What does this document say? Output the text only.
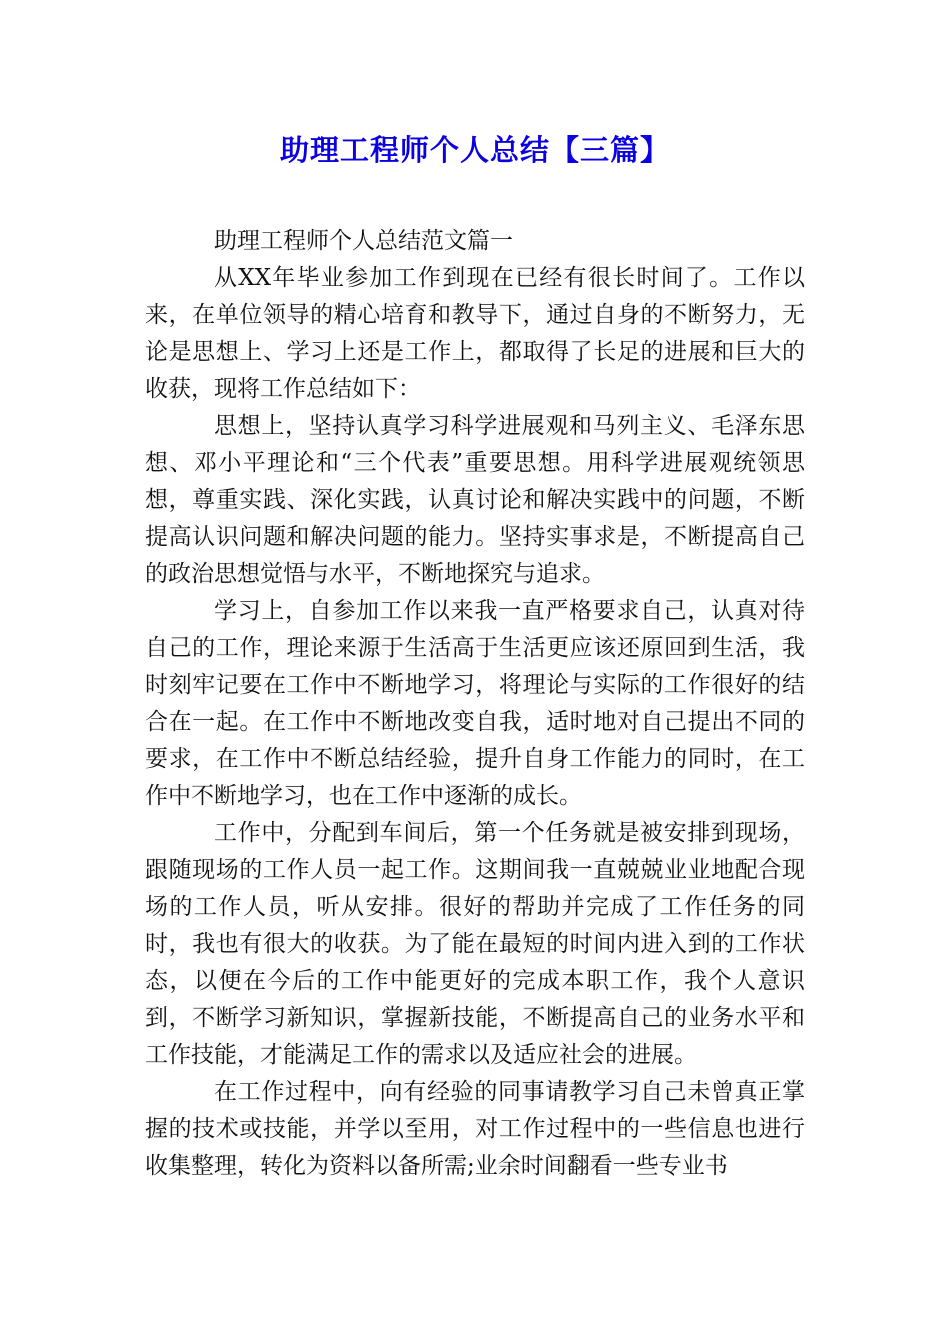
助理工程师个人总结【三篇】

助理工程师个人总结范文篇一

从XX年毕业参加工作到现在已经有很长时间了。工作以来，在单位领导的精心培育和教导下，通过自身的不断努力，无论是思想上、学习上还是工作上，都取得了长足的进展和巨大的收获，现将工作总结如下：

思想上，坚持认真学习科学进展观和马列主义、毛泽东思想、邓小平理论和“三个代表”重要思想。用科学进展观统领思想，尊重实践、深化实践，认真讨论和解决实践中的问题，不断提高认识问题和解决问题的能力。坚持实事求是，不断提高自己的政治思想觉悟与水平，不断地探究与追求。

学习上，自参加工作以来我一直严格要求自己，认真对待自己的工作，理论来源于生活高于生活更应该还原回到生活，我时刻牢记要在工作中不断地学习，将理论与实际的工作很好的结合在一起。在工作中不断地改变自我，适时地对自己提出不同的要求，在工作中不断总结经验，提升自身工作能力的同时，在工作中不断地学习，也在工作中逐渐的成长。

工作中，分配到车间后，第一个任务就是被安排到现场，跟随现场的工作人员一起工作。这期间我一直兢兢业业地配合现场的工作人员，听从安排。很好的帮助并完成了工作任务的同时，我也有很大的收获。为了能在最短的时间内进入到的工作状态，以便在今后的工作中能更好的完成本职工作，我个人意识到，不断学习新知识，掌握新技能，不断提高自己的业务水平和工作技能，才能满足工作的需求以及适应社会的进展。

在工作过程中，向有经验的同事请教学习自己未曾真正掌握的技术或技能，并学以至用，对工作过程中的一些信息也进行收集整理，转化为资料以备所需;业余时间翻看一些专业书
